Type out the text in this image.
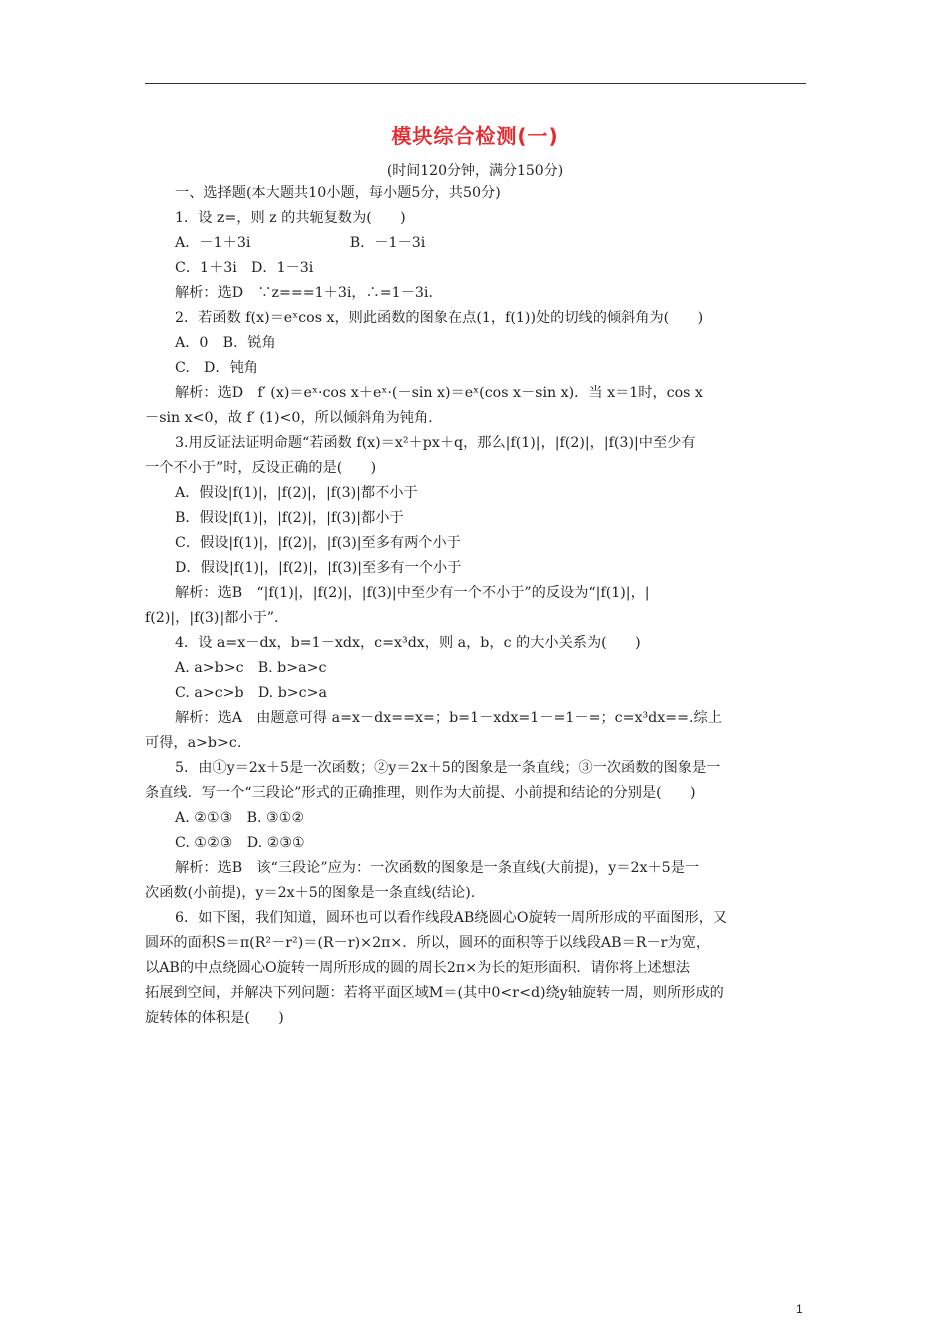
模块综合检测(一)
(时间120分钟，满分150分)
一、选择题(本大题共10小题，每小题5分，共50分)
1．设 z=，则 z 的共轭复数为(　　)
A．－1＋3i　　　　　　　B．－1－3i
C．1＋3i　D．1－3i
解析：选D　∵z===1＋3i，∴=1－3i.
2．若函数 f(x)＝eˣcos x，则此函数的图象在点(1，f(1))处的切线的倾斜角为(　　)
A．0　B．锐角
C.　D．钝角
解析：选D　f′ (x)＝eˣ·cos x＋eˣ·(－sin x)＝eˣ(cos x－sin x)．当 x＝1时，cos x
－sin x<0，故 f′ (1)<0，所以倾斜角为钝角.
3.用反证法证明命题“若函数 f(x)＝x²＋px＋q，那么|f(1)|，|f(2)|，|f(3)|中至少有
一个不小于”时，反设正确的是(　　)
A．假设|f(1)|，|f(2)|，|f(3)|都不小于
B．假设|f(1)|，|f(2)|，|f(3)|都小于
C．假设|f(1)|，|f(2)|，|f(3)|至多有两个小于
D．假设|f(1)|，|f(2)|，|f(3)|至多有一个小于
解析：选B　“|f(1)|，|f(2)|，|f(3)|中至少有一个不小于”的反设为“|f(1)|，|
f(2)|，|f(3)|都小于”.
4．设 a=x－dx，b=1－xdx，c=x³dx，则 a，b，c 的大小关系为(　　)
A. a>b>c　B. b>a>c
C. a>c>b　D. b>c>a
解析：选A　由题意可得 a=x－dx==x=；b=1－xdx=1－=1－=；c=x³dx==.综上
可得，a>b>c.
5．由①y＝2x＋5是一次函数；②y＝2x＋5的图象是一条直线；③一次函数的图象是一
条直线．写一个“三段论”形式的正确推理，则作为大前提、小前提和结论的分别是(　　)
A. ②①③　B. ③①②
C. ①②③　D. ②③①
解析：选B　该“三段论”应为：一次函数的图象是一条直线(大前提)，y＝2x＋5是一
次函数(小前提)，y＝2x＋5的图象是一条直线(结论).
6．如下图，我们知道，圆环也可以看作线段AB绕圆心O旋转一周所形成的平面图形，又
圆环的面积S＝π(R²－r²)＝(R－r)×2π×．所以，圆环的面积等于以线段AB＝R－r为宽，
以AB的中点绕圆心O旋转一周所形成的圆的周长2π×为长的矩形面积．请你将上述想法
拓展到空间，并解决下列问题：若将平面区域M＝(其中0<r<d)绕y轴旋转一周，则所形成的
旋转体的体积是(　　)
1
